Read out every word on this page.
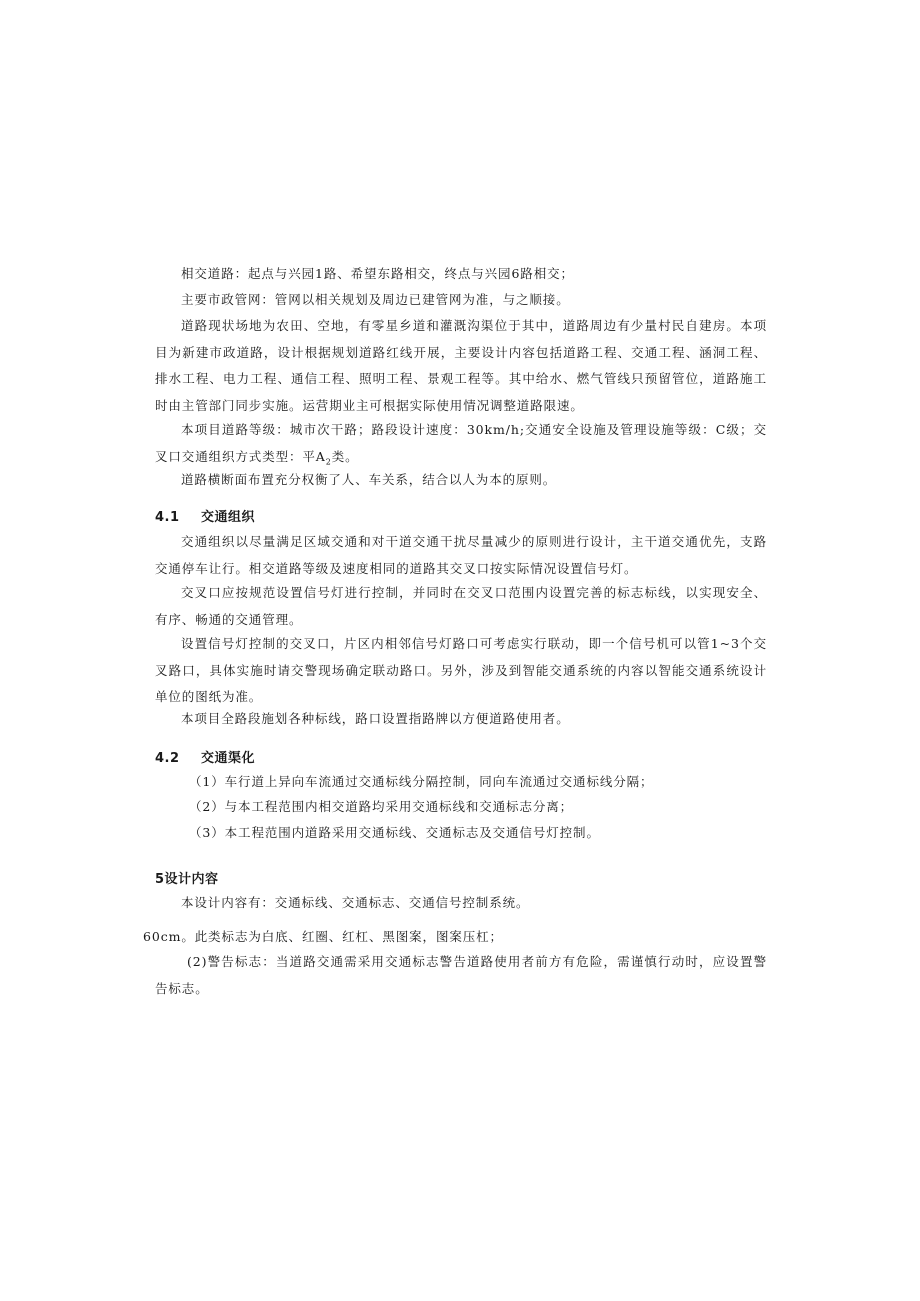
相交道路：起点与兴园1路、希望东路相交，终点与兴园6路相交；

主要市政管网：管网以相关规划及周边已建管网为准，与之顺接。

道路现状场地为农田、空地，有零星乡道和灌溉沟渠位于其中，道路周边有少量村民自建房。本项目为新建市政道路，设计根据规划道路红线开展，主要设计内容包括道路工程、交通工程、涵洞工程、排水工程、电力工程、通信工程、照明工程、景观工程等。其中给水、燃气管线只预留管位，道路施工时由主管部门同步实施。运营期业主可根据实际使用情况调整道路限速。

本项目道路等级：城市次干路；路段设计速度：30km/h;交通安全设施及管理设施等级：C级；交叉口交通组织方式类型：平$A_2$类。

道路横断面布置充分权衡了人、车关系，结合以人为本的原则。

4.1 交通组织

交通组织以尽量满足区域交通和对干道交通干扰尽量减少的原则进行设计，主干道交通优先，支路交通停车让行。相交道路等级及速度相同的道路其交叉口按实际情况设置信号灯。

交叉口应按规范设置信号灯进行控制，并同时在交叉口范围内设置完善的标志标线，以实现安全、有序、畅通的交通管理。

设置信号灯控制的交叉口，片区内相邻信号灯路口可考虑实行联动，即一个信号机可以管1~3个交叉路口，具体实施时请交警现场确定联动路口。另外，涉及到智能交通系统的内容以智能交通系统设计单位的图纸为准。

本项目全路段施划各种标线，路口设置指路牌以方便道路使用者。

4.2 交通渠化

（1）车行道上异向车流通过交通标线分隔控制，同向车流通过交通标线分隔；

（2）与本工程范围内相交道路均采用交通标线和交通标志分离；

（3）本工程范围内道路采用交通标线、交通标志及交通信号灯控制。

5设计内容

本设计内容有：交通标线、交通标志、交通信号控制系统。

60cm。此类标志为白底、红圈、红杠、黑图案，图案压杠；

(2)警告标志：当道路交通需采用交通标志警告道路使用者前方有危险，需谨慎行动时，应设置警告标志。
